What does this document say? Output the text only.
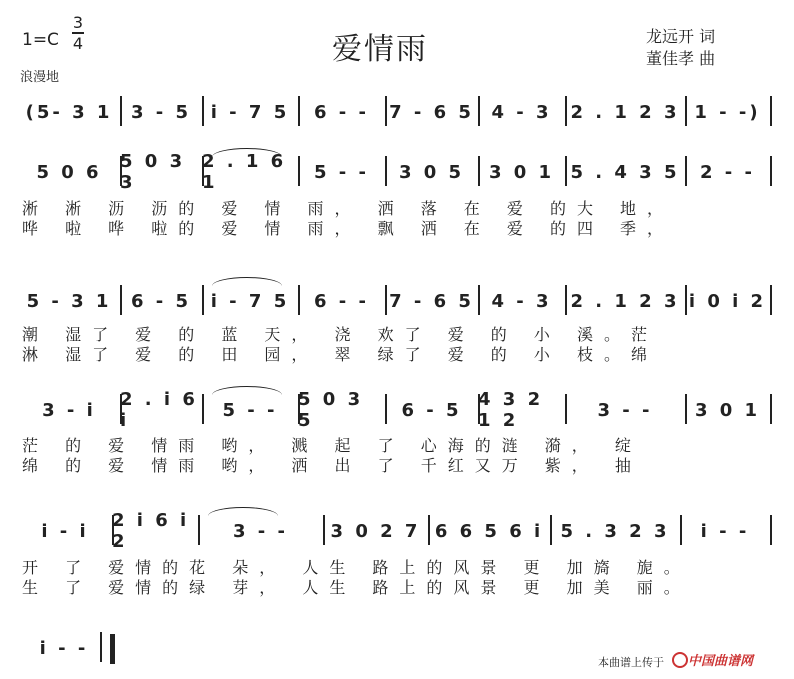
1=C
3
4	爱情雨	龙远开 词
董佳孝 曲
浪漫地
(5‑ 3 1	3 ‑ 5	i ‑ 7 5	6 ‑ ‑	7 ‑ 6 5 4 ‑ 3	2 . 1 2 3 1 ‑ ‑)
5 0 6	5 0 3 3
2 . 1 6 1	5 ‑ ‑	3 0 5	3 0 1 5 . 4 3 5	2 ‑ ‑
淅 淅 沥 沥的 爱 情 雨， 洒 落 在 爱 的大 地，
哗 啦 哗 啦的 爱 情 雨， 飘 洒 在 爱 的四 季，
5 ‑ 3 1	6 ‑ 5	i ‑ 7 5	6 ‑ ‑	7 ‑ 6 5 4 ‑ 3	2 . 1 2 3 i 0 i 2
潮 湿了 爱 的 蓝 天， 浇 欢了 爱 的 小 溪。茫
淋 湿了 爱 的 田 园， 翠 绿了 爱 的 小 枝。绵
3 ‑ i	2 . i 6 i	5 ‑ ‑	5 0 3 5	6 ‑ 5 4 3 2 1 2	3 ‑ ‑	3 0 1
茫 的 爱 情雨 哟， 溅 起 了 心海的涟 漪， 绽
绵 的 爱 情雨 哟， 洒 出 了 千红又万 紫， 抽
i ‑ i	2 i 6 i 2	3 ‑ ‑	3 0 2 7 6 6 5 6 i 5 . 3 2 3	i ‑ ‑
开 了 爱情的花 朵， 人生 路上的风景 更 加旖 旎。
生 了 爱情的绿 芽， 人生 路上的风景 更 加美 丽。
i ‑ ‑
本曲谱上传于 中国曲谱网
